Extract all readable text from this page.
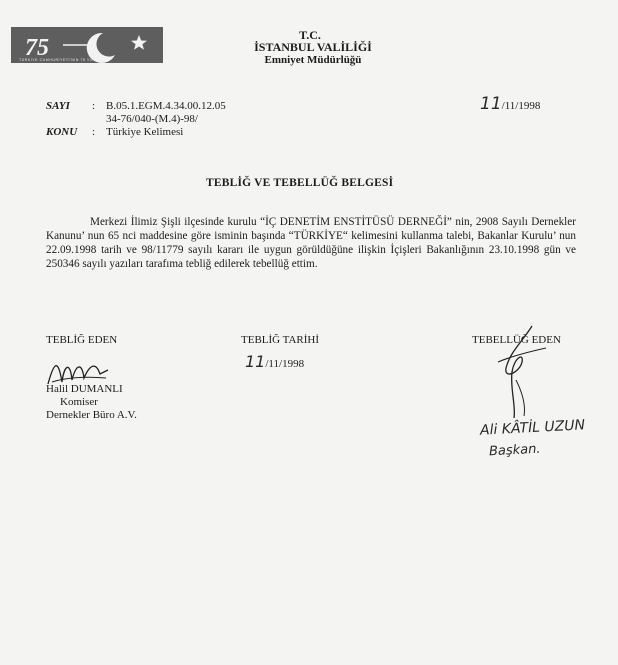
75
TÜRKİYE CUMHURİYETİ'NİN 75 YILI
T.C.
İSTANBUL VALİLİĞİ
Emniyet Müdürlüğü
SAYI : B.05.1.EGM.4.34.00.12.05
34-76/040-(M.4)-98/
KONU : Türkiye Kelimesi
11/11/1998
TEBLİĞ VE TEBELLÜĞ BELGESİ

Merkezi İlimiz Şişli ilçesinde kurulu “İÇ DENETİM ENSTİTÜSÜ DERNEĞİ” nin, 2908 Sayılı Dernekler Kanunu’ nun 65 nci maddesine göre isminin başında “TÜRKİYE“ kelimesini kullanma talebi, Bakanlar Kurulu’ nun 22.09.1998 tarih ve 98/11779 sayılı kararı ile uygun görüldüğüne ilişkin İçişleri Bakanlığının 23.10.1998 gün ve 250346 sayılı yazıları tarafıma tebliğ edilerek tebellüğ ettim.

TEBLİĞ EDEN	TEBLİĞ TARİHİ	TEBELLÜĞ EDEN
11/11/1998
Halil DUMANLI
Komiser
Dernekler Büro A.V.
Ali KÂTİL UZUN
Başkan.
